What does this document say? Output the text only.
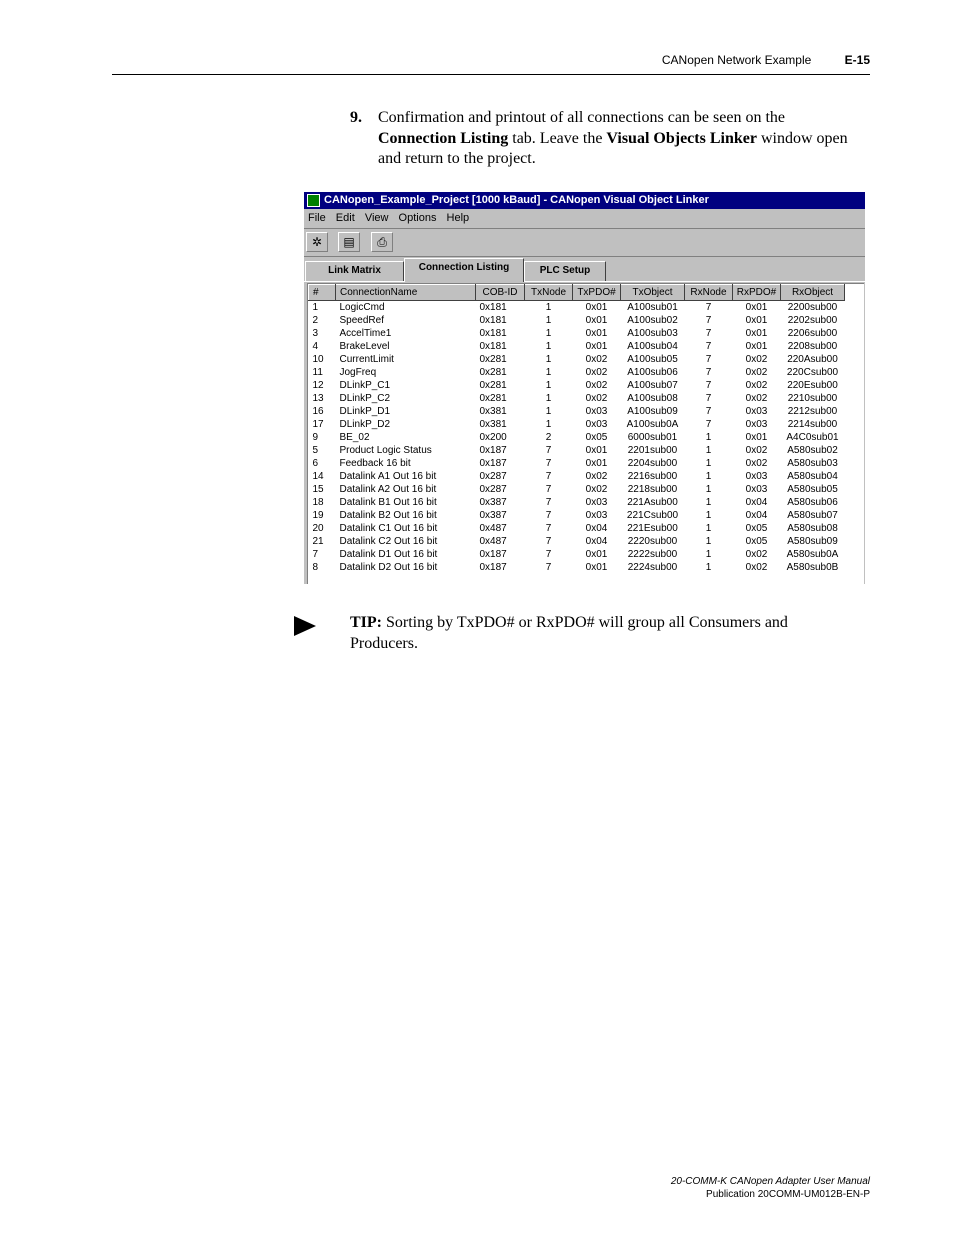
CANopen Network Example	E-15
9. Confirmation and printout of all connections can be seen on the Connection Listing tab. Leave the Visual Objects Linker window open and return to the project.
CANopen_Example_Project [1000 kBaud] - CANopen Visual Object Linker
File Edit View Options Help
✲	▤	⎙
Link Matrix	Connection Listing	PLC Setup
#	ConnectionName	COB-ID	TxNode	TxPDO#	TxObject	RxNode	RxPDO#	RxObject
1	LogicCmd	0x181	1	0x01	A100sub01	7	0x01	2200sub00
2	SpeedRef	0x181	1	0x01	A100sub02	7	0x01	2202sub00
3	AccelTime1	0x181	1	0x01	A100sub03	7	0x01	2206sub00
4	BrakeLevel	0x181	1	0x01	A100sub04	7	0x01	2208sub00
10	CurrentLimit	0x281	1	0x02	A100sub05	7	0x02	220Asub00
11	JogFreq	0x281	1	0x02	A100sub06	7	0x02	220Csub00
12	DLinkP_C1	0x281	1	0x02	A100sub07	7	0x02	220Esub00
13	DLinkP_C2	0x281	1	0x02	A100sub08	7	0x02	2210sub00
16	DLinkP_D1	0x381	1	0x03	A100sub09	7	0x03	2212sub00
17	DLinkP_D2	0x381	1	0x03	A100sub0A	7	0x03	2214sub00
9	BE_02	0x200	2	0x05	6000sub01	1	0x01	A4C0sub01
5	Product Logic Status	0x187	7	0x01	2201sub00	1	0x02	A580sub02
6	Feedback 16 bit	0x187	7	0x01	2204sub00	1	0x02	A580sub03
14	Datalink A1 Out 16 bit	0x287	7	0x02	2216sub00	1	0x03	A580sub04
15	Datalink A2 Out 16 bit	0x287	7	0x02	2218sub00	1	0x03	A580sub05
18	Datalink B1 Out 16 bit	0x387	7	0x03	221Asub00	1	0x04	A580sub06
19	Datalink B2 Out 16 bit	0x387	7	0x03	221Csub00	1	0x04	A580sub07
20	Datalink C1 Out 16 bit	0x487	7	0x04	221Esub00	1	0x05	A580sub08
21	Datalink C2 Out 16 bit	0x487	7	0x04	2220sub00	1	0x05	A580sub09
7	Datalink D1 Out 16 bit	0x187	7	0x01	2222sub00	1	0x02	A580sub0A
8	Datalink D2 Out 16 bit	0x187	7	0x01	2224sub00	1	0x02	A580sub0B
TIP: Sorting by TxPDO# or RxPDO# will group all Consumers and Producers.
20-COMM-K CANopen Adapter User Manual
Publication 20COMM-UM012B-EN-P
